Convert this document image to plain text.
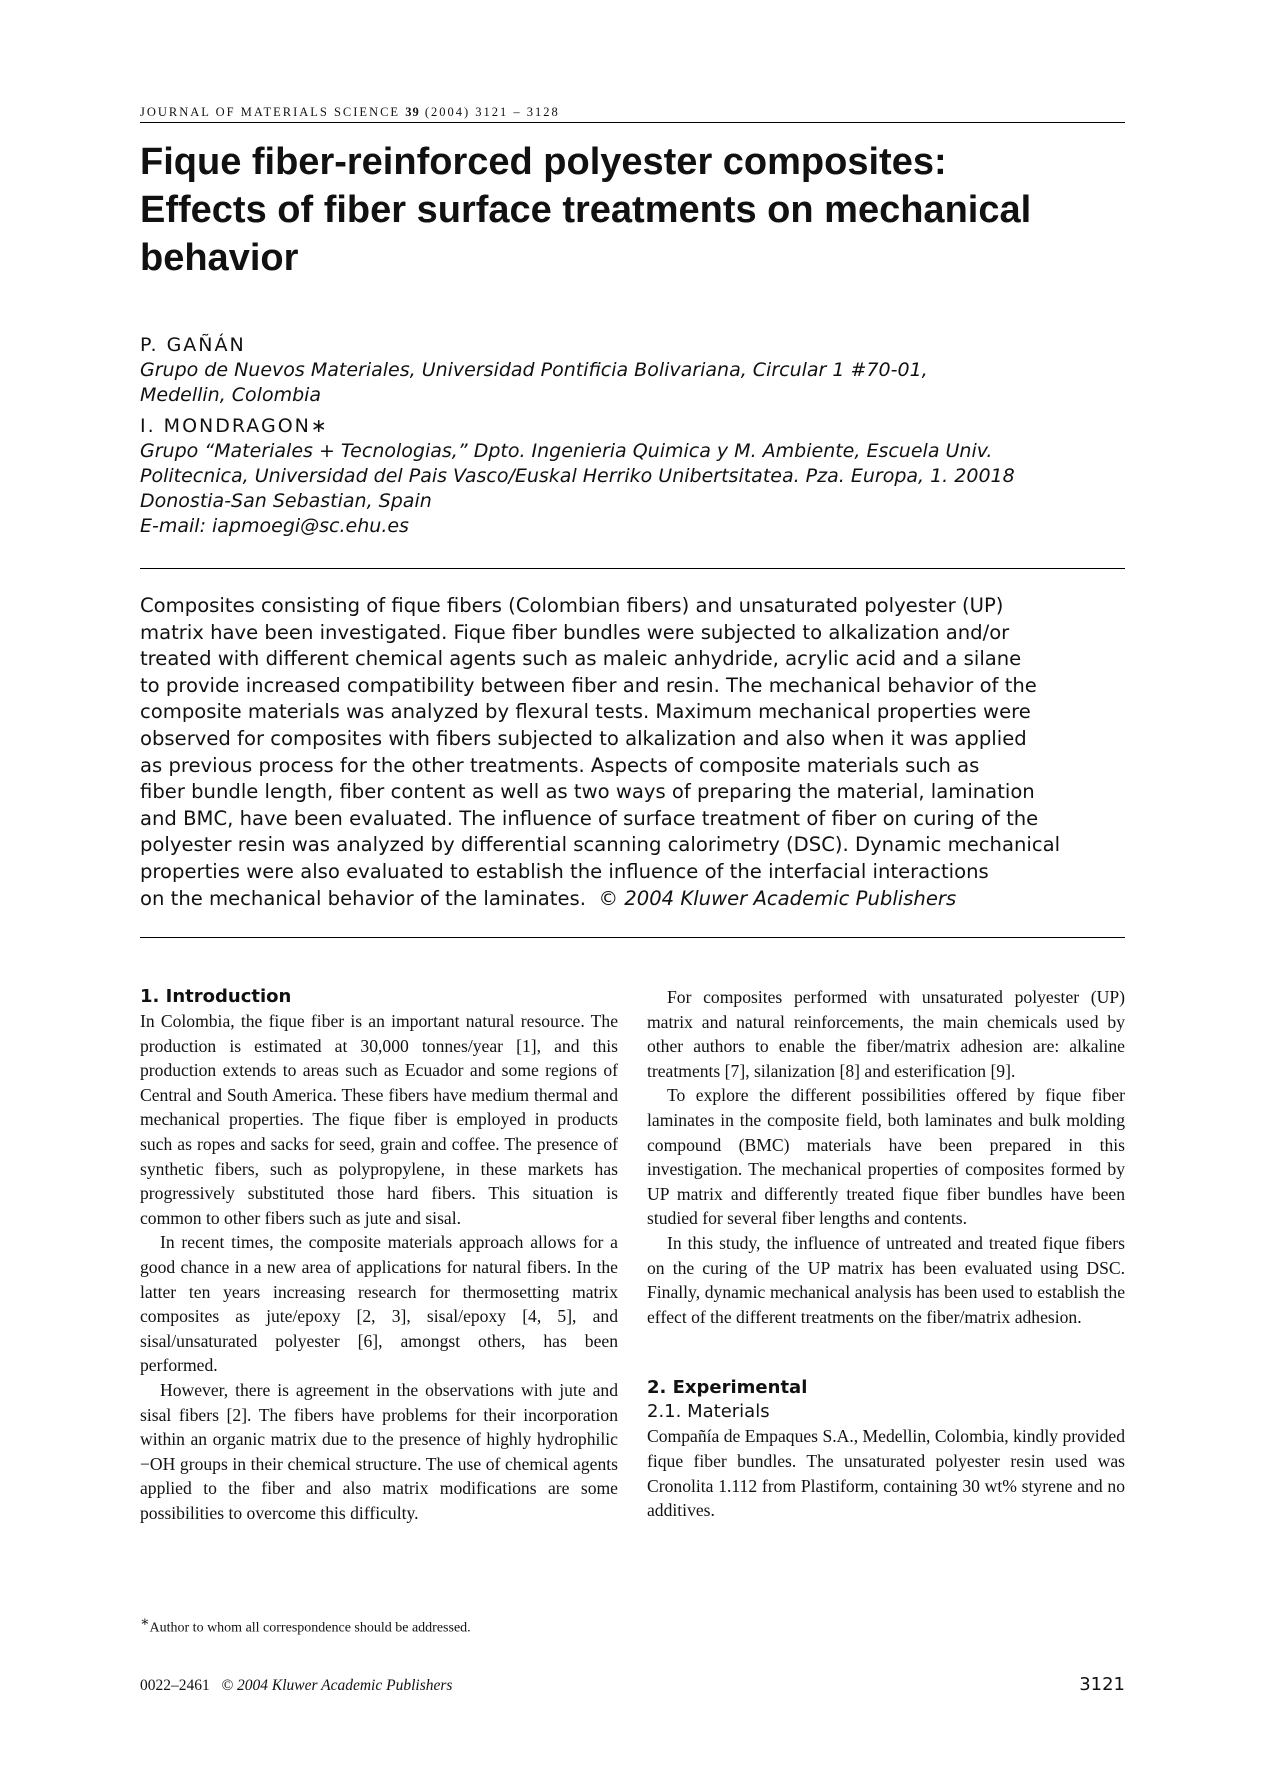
JOURNAL OF MATERIALS SCIENCE 39 (2004) 3121 – 3128
Fique fiber-reinforced polyester composites:
Effects of fiber surface treatments on mechanical
behavior
P. GAÑÁN
Grupo de Nuevos Materiales, Universidad Pontificia Bolivariana, Circular 1 #70-01,
Medellin, Colombia
I. MONDRAGON∗
Grupo “Materiales + Tecnologias,” Dpto. Ingenieria Quimica y M. Ambiente, Escuela Univ.
Politecnica, Universidad del Pais Vasco/Euskal Herriko Unibertsitatea. Pza. Europa, 1. 20018
Donostia-San Sebastian, Spain
E-mail: iapmoegi@sc.ehu.es
Composites consisting of fique fibers (Colombian fibers) and unsaturated polyester (UP)
matrix have been investigated. Fique fiber bundles were subjected to alkalization and/or
treated with different chemical agents such as maleic anhydride, acrylic acid and a silane
to provide increased compatibility between fiber and resin. The mechanical behavior of the
composite materials was analyzed by flexural tests. Maximum mechanical properties were
observed for composites with fibers subjected to alkalization and also when it was applied
as previous process for the other treatments. Aspects of composite materials such as
fiber bundle length, fiber content as well as two ways of preparing the material, lamination
and BMC, have been evaluated. The influence of surface treatment of fiber on curing of the
polyester resin was analyzed by differential scanning calorimetry (DSC). Dynamic mechanical
properties were also evaluated to establish the influence of the interfacial interactions
on the mechanical behavior of the laminates. © 2004 Kluwer Academic Publishers
1. Introduction

In Colombia, the fique fiber is an important natural resource. The production is estimated at 30,000 tonnes/year [1], and this production extends to areas such as Ecuador and some regions of Central and South America. These fibers have medium thermal and mechanical properties. The fique fiber is employed in products such as ropes and sacks for seed, grain and coffee. The presence of synthetic fibers, such as polypropylene, in these markets has progressively substituted those hard fibers. This situation is common to other fibers such as jute and sisal.

In recent times, the composite materials approach allows for a good chance in a new area of applications for natural fibers. In the latter ten years increasing research for thermosetting matrix composites as jute/epoxy [2, 3], sisal/epoxy [4, 5], and sisal/unsaturated polyester [6], amongst others, has been performed.

However, there is agreement in the observations with jute and sisal fibers [2]. The fibers have problems for their incorporation within an organic matrix due to the presence of highly hydrophilic −OH groups in their chemical structure. The use of chemical agents applied to the fiber and also matrix modifications are some possibilities to overcome this difficulty.

For composites performed with unsaturated polyester (UP) matrix and natural reinforcements, the main chemicals used by other authors to enable the fiber/matrix adhesion are: alkaline treatments [7], silanization [8] and esterification [9].

To explore the different possibilities offered by fique fiber laminates in the composite field, both laminates and bulk molding compound (BMC) materials have been prepared in this investigation. The mechanical properties of composites formed by UP matrix and differently treated fique fiber bundles have been studied for several fiber lengths and contents.

In this study, the influence of untreated and treated fique fibers on the curing of the UP matrix has been evaluated using DSC. Finally, dynamic mechanical analysis has been used to establish the effect of the different treatments on the fiber/matrix adhesion.

2. Experimental
2.1. Materials

Compañía de Empaques S.A., Medellin, Colombia, kindly provided fique fiber bundles. The unsaturated polyester resin used was Cronolita 1.112 from Plastiform, containing 30 wt% styrene and no additives.

∗Author to whom all correspondence should be addressed.
0022–2461 © 2004 Kluwer Academic Publishers	3121
